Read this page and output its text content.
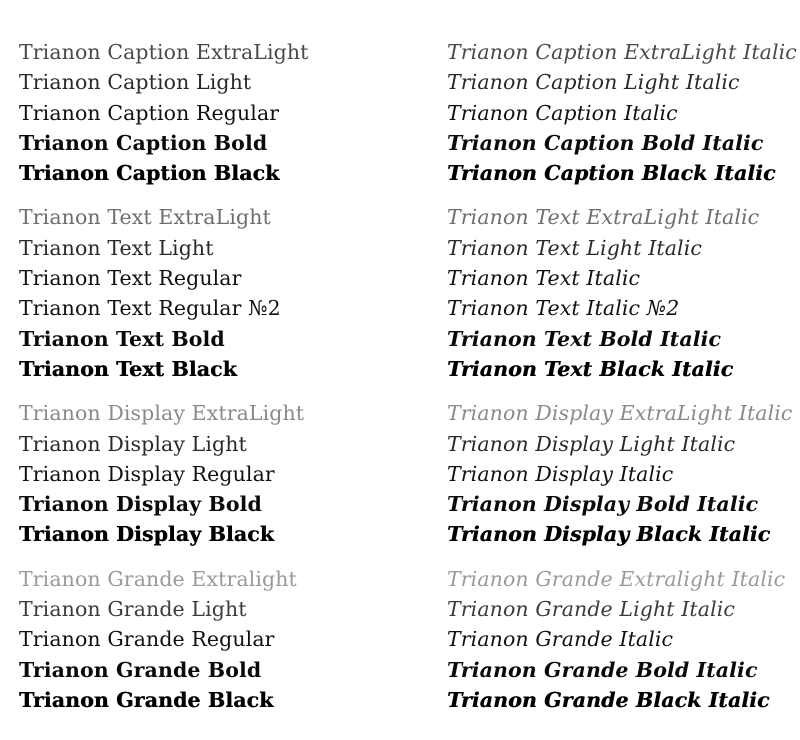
Trianon Caption ExtraLight
Trianon Caption Light
Trianon Caption Regular
Trianon Caption Bold
Trianon Caption Black
Trianon Text ExtraLight
Trianon Text Light
Trianon Text Regular
Trianon Text Regular №2
Trianon Text Bold
Trianon Text Black
Trianon Display ExtraLight
Trianon Display Light
Trianon Display Regular
Trianon Display Bold
Trianon Display Black
Trianon Grande Extralight
Trianon Grande Light
Trianon Grande Regular
Trianon Grande Bold
Trianon Grande Black
Trianon Caption ExtraLight Italic
Trianon Caption Light Italic
Trianon Caption Italic
Trianon Caption Bold Italic
Trianon Caption Black Italic
Trianon Text ExtraLight Italic
Trianon Text Light Italic
Trianon Text Italic
Trianon Text Italic №2
Trianon Text Bold Italic
Trianon Text Black Italic
Trianon Display ExtraLight Italic
Trianon Display Light Italic
Trianon Display Italic
Trianon Display Bold Italic
Trianon Display Black Italic
Trianon Grande Extralight Italic
Trianon Grande Light Italic
Trianon Grande Italic
Trianon Grande Bold Italic
Trianon Grande Black Italic
